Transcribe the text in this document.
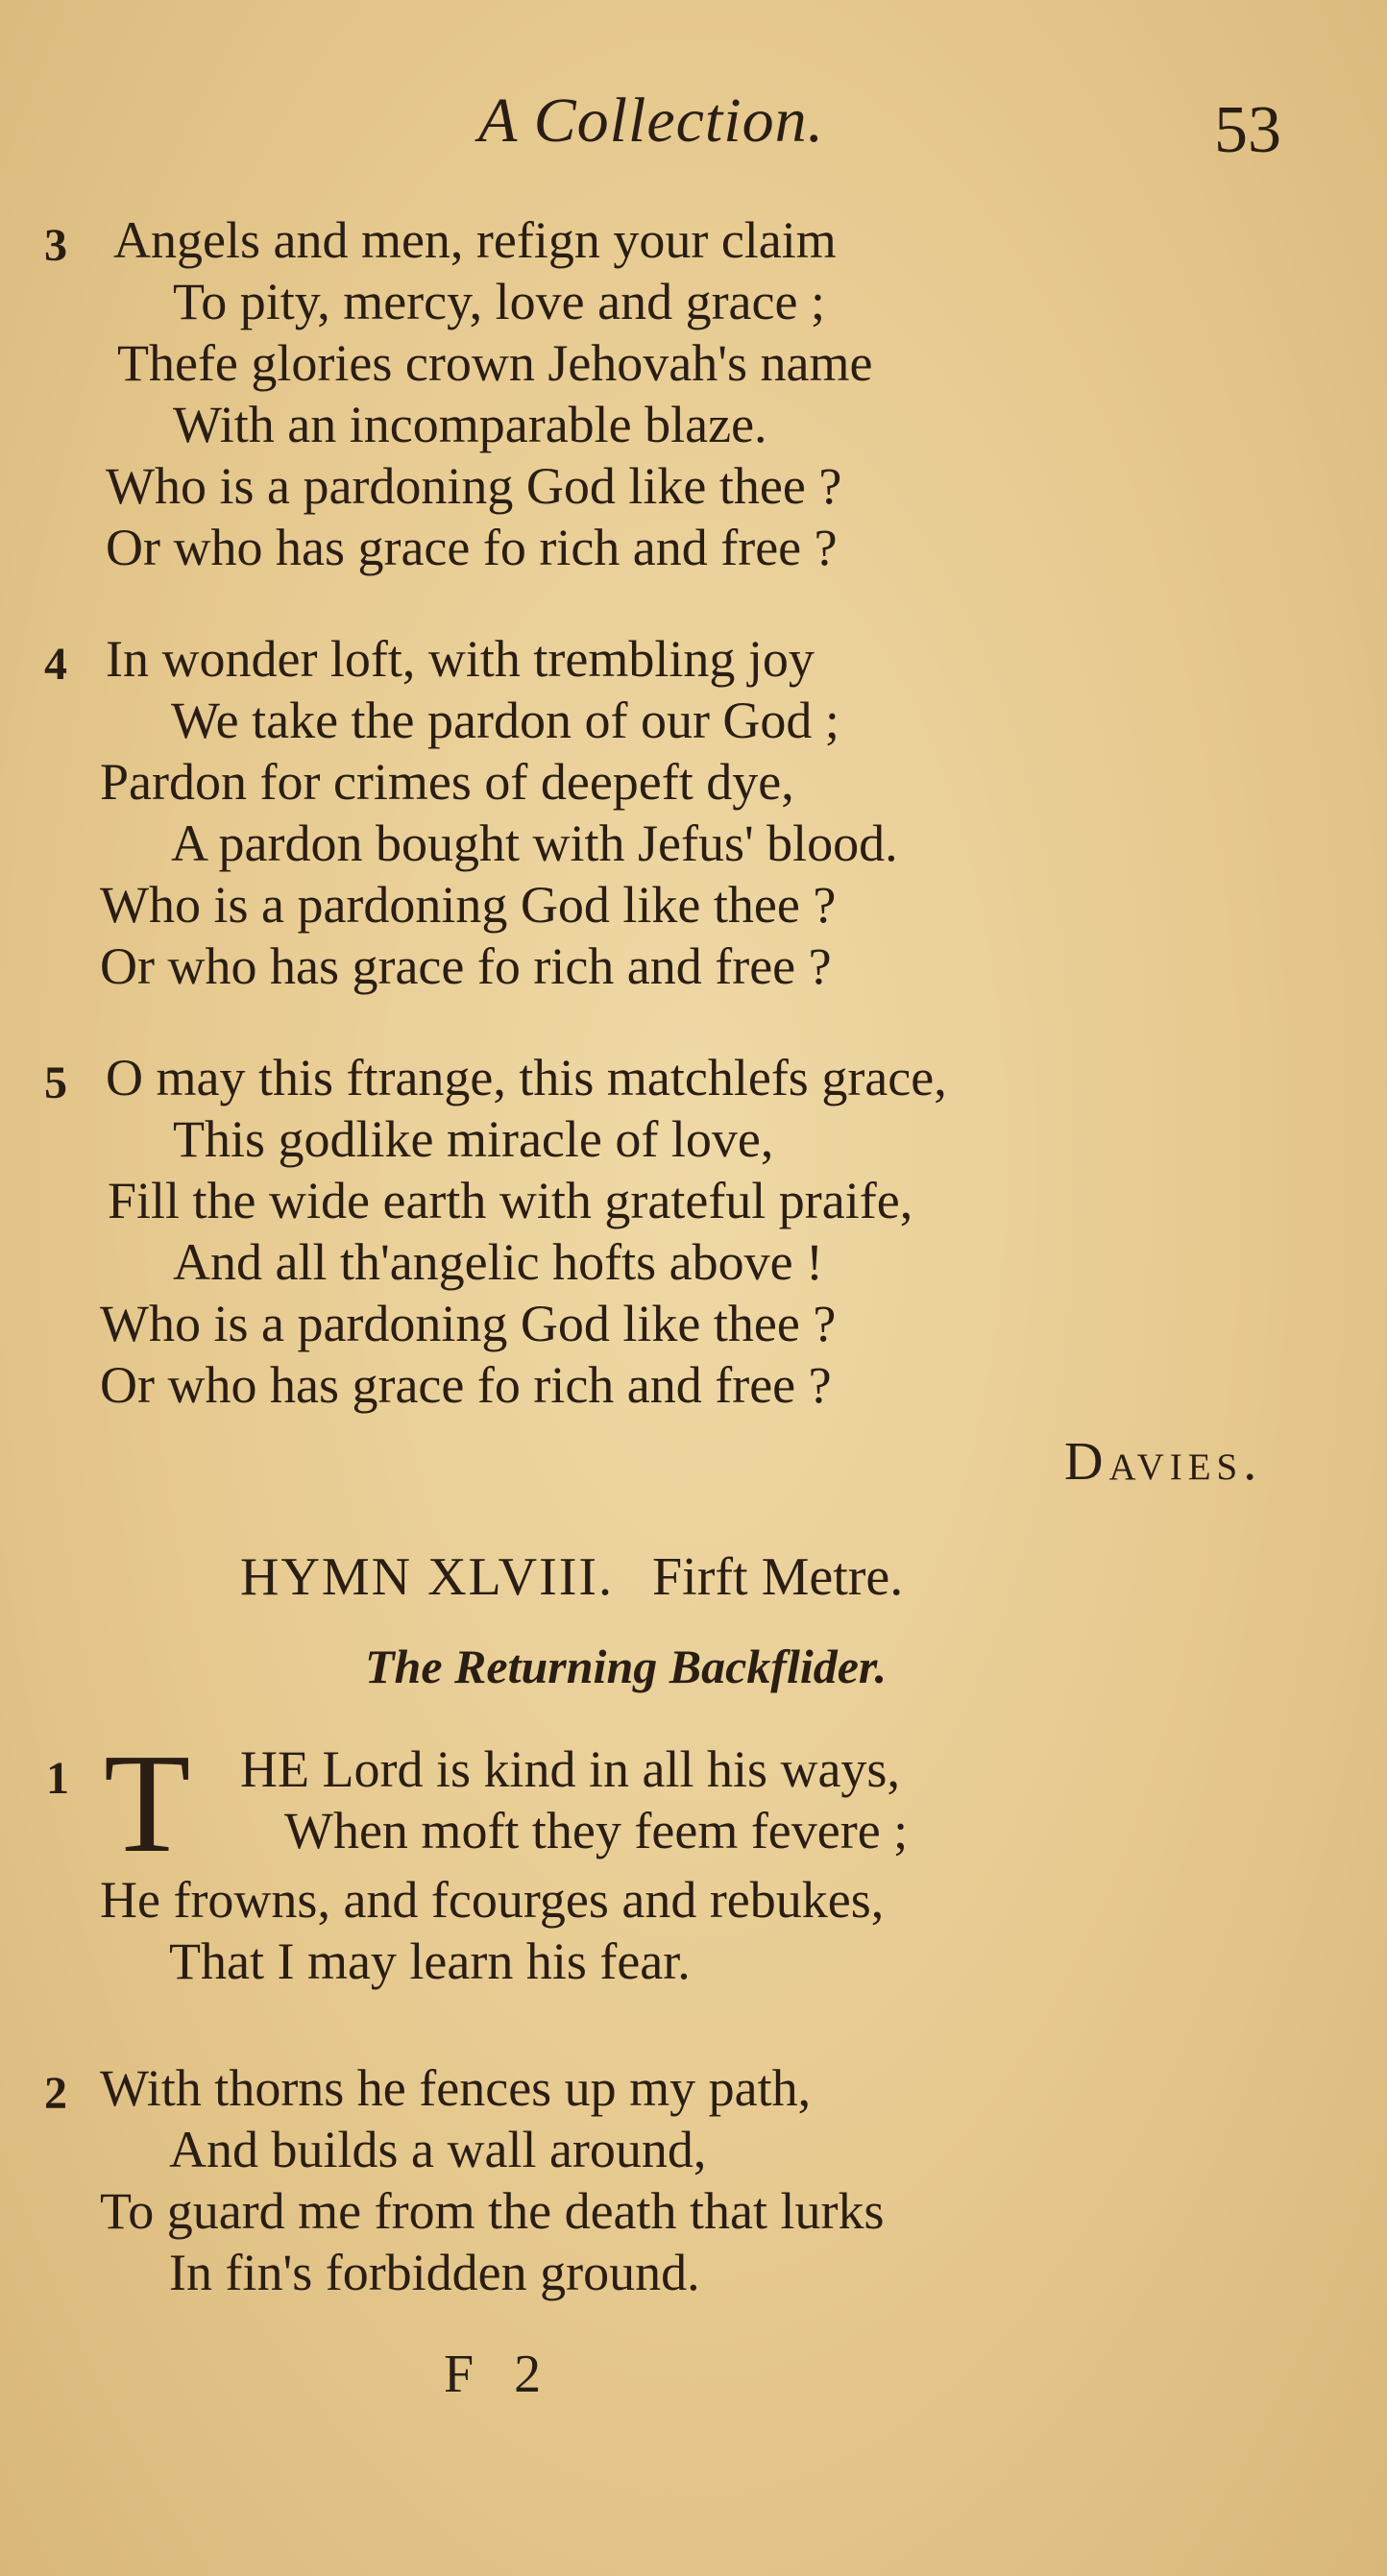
A Collection.	53
3 Angels and men, refign your claim
To pity, mercy, love and grace ;
Thefe glories crown Jehovah's name
With an incomparable blaze.
Who is a pardoning God like thee ?
Or who has grace fo rich and free ?
4 In wonder loft, with trembling joy
We take the pardon of our God ;
Pardon for crimes of deepeft dye,
A pardon bought with Jefus' blood.
Who is a pardoning God like thee ?
Or who has grace fo rich and free ?
5 O may this ftrange, this matchlefs grace,
This godlike miracle of love,
Fill the wide earth with grateful praife,
And all th'angelic hofts above !
Who is a pardoning God like thee ?
Or who has grace fo rich and free ?
Davies.
HYMN XLVIII. Firft Metre.
The Returning Backflider.
1 T HE Lord is kind in all his ways,
When moft they feem fevere ;
He frowns, and fcourges and rebukes,
That I may learn his fear.
2 With thorns he fences up my path,
And builds a wall around,
To guard me from the death that lurks
In fin's forbidden ground.
F 2
